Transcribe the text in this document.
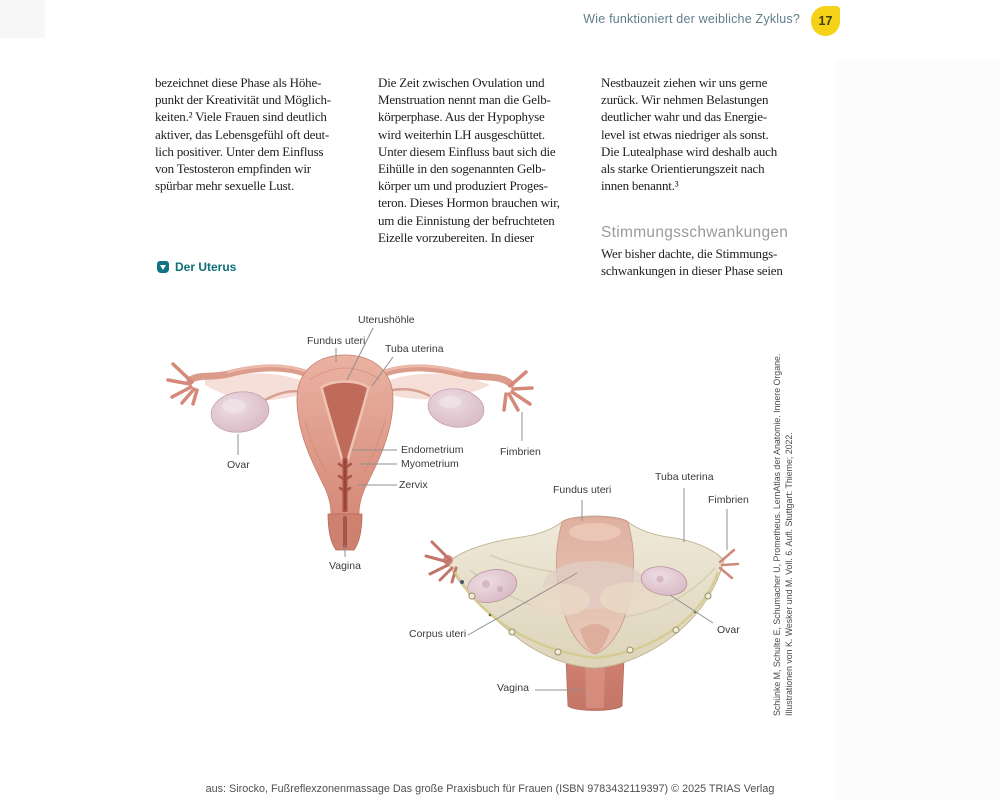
Wie funktioniert der weibliche Zyklus?	17
bezeichnet diese Phase als Höhe-
punkt der Kreativität und Möglich-
keiten.² Viele Frauen sind deutlich
aktiver, das Lebensgefühl oft deut-
lich positiver. Unter dem Einfluss
von Testosteron empfinden wir
spürbar mehr sexuelle Lust.
Die Zeit zwischen Ovulation und
Menstruation nennt man die Gelb-
körperphase. Aus der Hypophyse
wird weiterhin LH ausgeschüttet.
Unter diesem Einfluss baut sich die
Eihülle in den sogenannten Gelb-
körper um und produziert Proges-
teron. Dieses Hormon brauchen wir,
um die Einnistung der befruchteten
Eizelle vorzubereiten. In dieser
Nestbauzeit ziehen wir uns gerne
zurück. Wir nehmen Belastungen
deutlicher wahr und das Energie-
level ist etwas niedriger als sonst.
Die Lutealphase wird deshalb auch
als starke Orientierungszeit nach
innen benannt.³
Stimmungsschwankungen
Wer bisher dachte, die Stimmungs-
schwankungen in dieser Phase seien
Der Uterus
Uterushöhle
Fundus uteri
Tuba uterina
Endometrium
Myometrium
Zervix
Fimbrien
Ovar
Vagina
Fundus uteri
Tuba uterina
Fimbrien
Corpus uteri	Ovar
Vagina	Schünke M, Schulte E, Schumacher U, Prometheus. LernAtlas der Anatomie. Innere Organe. Illustrationen von K. Wesker und M. Voll. 6. Aufl. Stuttgart: Thieme; 2022.
aus: Sirocko, Fußreflexzonenmassage Das große Praxisbuch für Frauen (ISBN 9783432119397) © 2025 TRIAS Verlag
